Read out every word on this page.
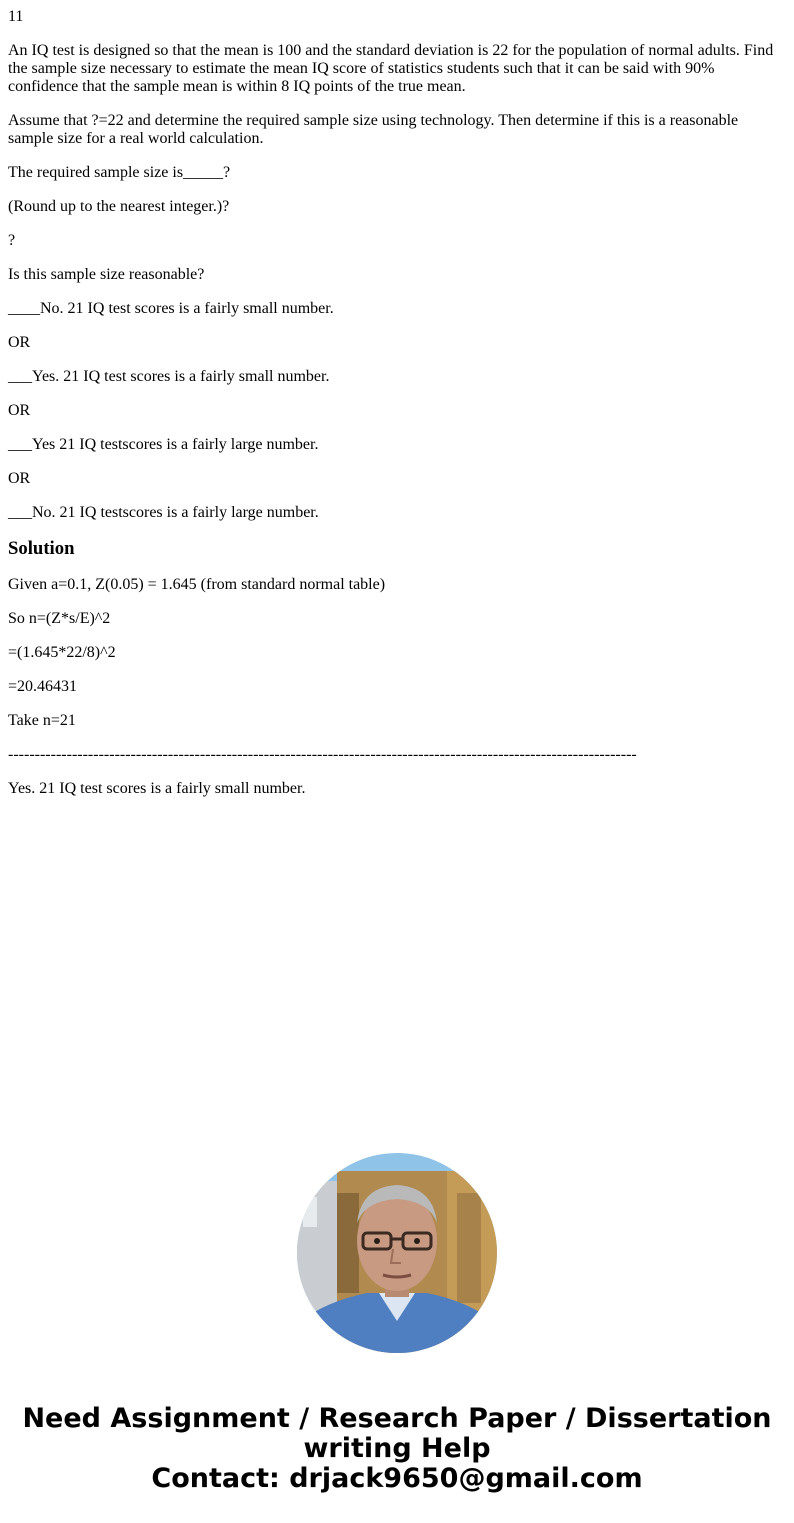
11

An IQ test is designed so that the mean is 100 and the standard deviation is 22 for the population of normal adults. Find the sample size necessary to estimate the mean IQ score of statistics students such that it can be said with 90% confidence that the sample mean is within 8 IQ points of the true mean.

Assume that ?=22 and determine the required sample size using technology. Then determine if this is a reasonable sample size for a real world calculation.

The required sample size is_____?

(Round up to the nearest integer.)?

?

Is this sample size reasonable?

____No. 21 IQ test scores is a fairly small number.

OR

___Yes. 21 IQ test scores is a fairly small number.

OR

___Yes 21 IQ testscores is a fairly large number.

OR

___No. 21 IQ testscores is a fairly large number.

Solution

Given a=0.1, Z(0.05) = 1.645 (from standard normal table)

So n=(Z*s/E)^2

=(1.645*22/8)^2

=20.46431

Take n=21

----------------------------------------------------------------------------------------------------------------------

Yes. 21 IQ test scores is a fairly small number.

Need Assignment / Research Paper / Dissertation
writing Help
Contact: drjack9650@gmail.com
